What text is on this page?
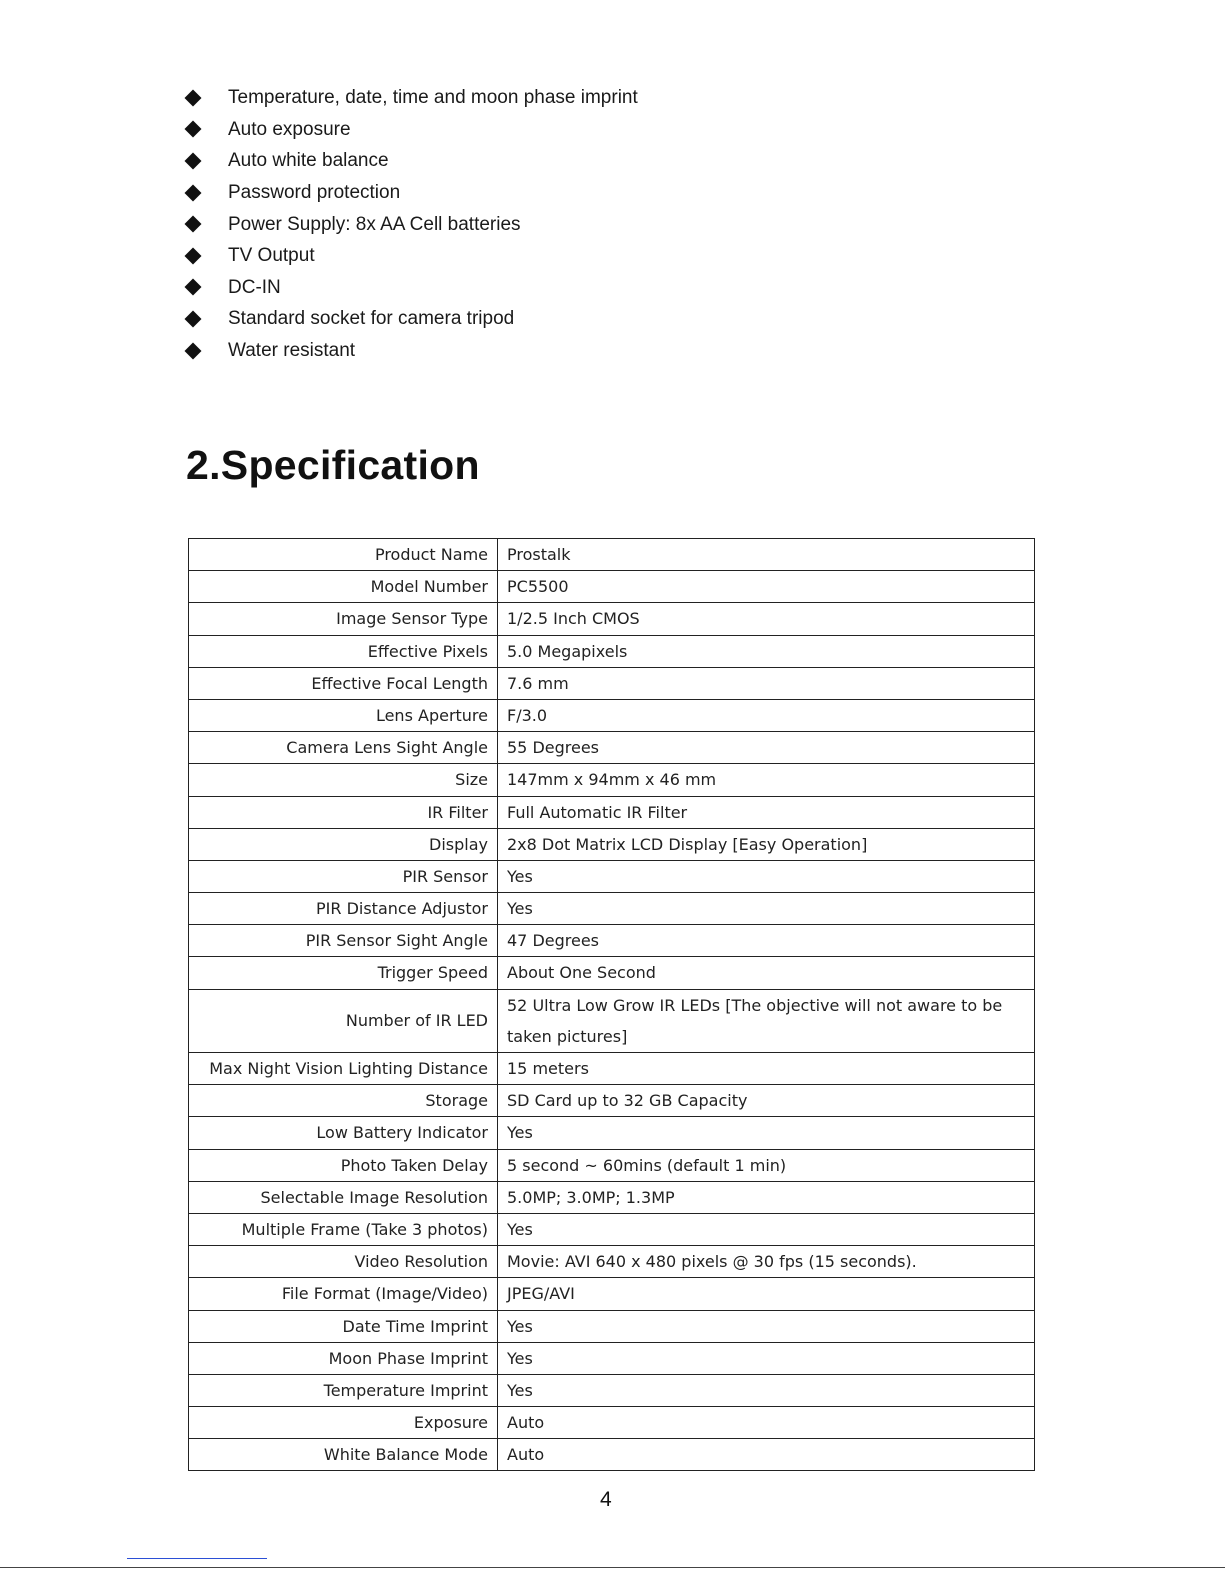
Temperature, date, time and moon phase imprint
Auto exposure
Auto white balance
Password protection
Power Supply: 8x AA Cell batteries
TV Output
DC-IN
Standard socket for camera tripod
Water resistant
2.Specification
Product Name	Prostalk
Model Number	PC5500
Image Sensor Type	1/2.5 Inch CMOS
Effective Pixels	5.0 Megapixels
Effective Focal Length	7.6 mm
Lens Aperture	F/3.0
Camera Lens Sight Angle	55 Degrees
Size	147mm x 94mm x 46 mm
IR Filter	Full Automatic IR Filter
Display	2x8 Dot Matrix LCD Display [Easy Operation]
PIR Sensor	Yes
PIR Distance Adjustor	Yes
PIR Sensor Sight Angle	47 Degrees
Trigger Speed	About One Second
Number of IR LED	52 Ultra Low Grow IR LEDs [The objective will not aware to be taken pictures]
Max Night Vision Lighting Distance	15 meters
Storage	SD Card up to 32 GB Capacity
Low Battery Indicator	Yes
Photo Taken Delay	5 second ~ 60mins (default 1 min)
Selectable Image Resolution	5.0MP; 3.0MP; 1.3MP
Multiple Frame (Take 3 photos)	Yes
Video Resolution	Movie: AVI 640 x 480 pixels @ 30 fps (15 seconds).
File Format (Image/Video)	JPEG/AVI
Date Time Imprint	Yes
Moon Phase Imprint	Yes
Temperature Imprint	Yes
Exposure	Auto
White Balance Mode	Auto
4
